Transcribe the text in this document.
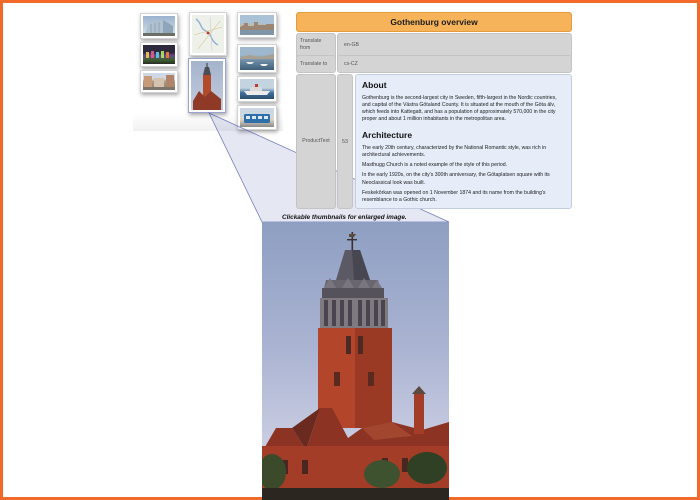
Gothenburg overview
Translate from	en-GB
Translate to	cs-CZ
ProductText	53
About

Gothenburg is the second-largest city in Sweden, fifth-largest in the Nordic countries, and capital of the Västra Götaland County. It is situated at the mouth of the Göta älv, which feeds into Kattegatt, and has a population of approximately 570,000 in the city proper and about 1 million inhabitants in the metropolitan area.

Architecture

The early 20th century, characterized by the National Romantic style, was rich in architectural achievements.

Masthugg Church is a noted example of the style of this period.

In the early 1920s, on the city's 300th anniversary, the Götaplatsen square with its Neoclassical look was built.

Feskekôrkan was opened on 1 November 1874 and its name from the building's resemblance to a Gothic church.

Clickable thumbnails for enlarged image.
